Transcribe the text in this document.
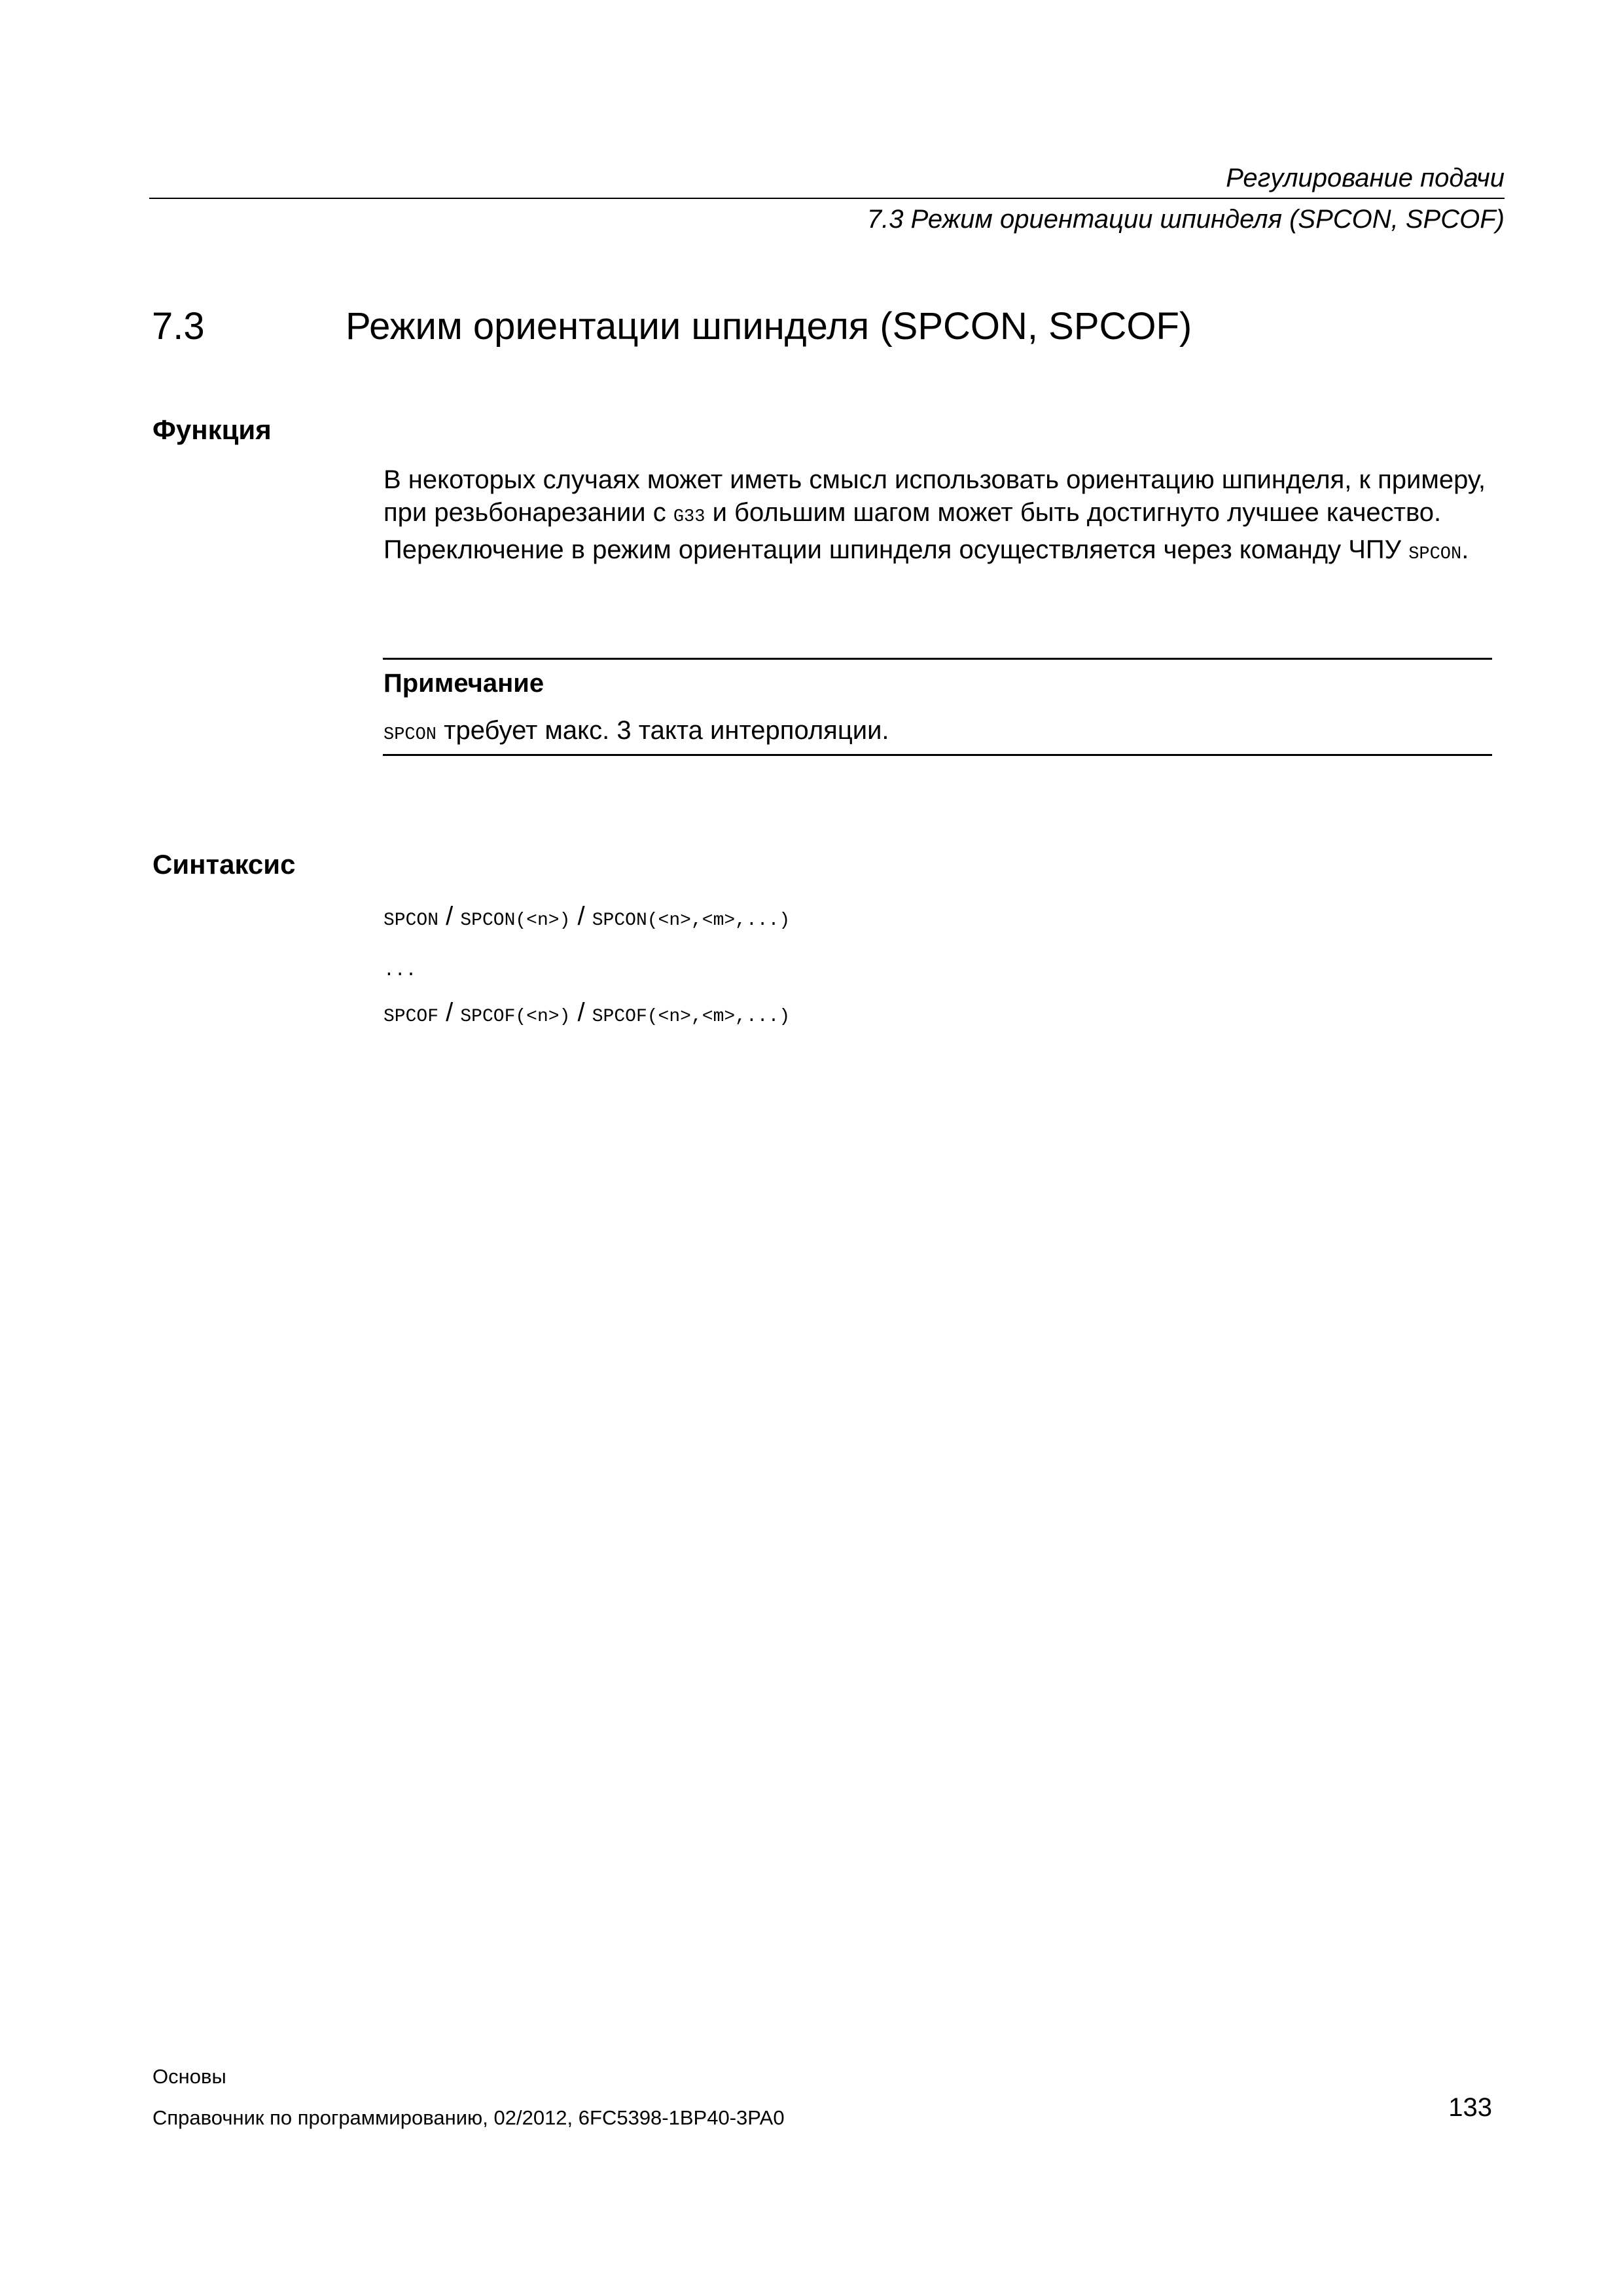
Регулирование подачи
7.3 Режим ориентации шпинделя (SPCON, SPCOF)
7.3	Режим ориентации шпинделя (SPCON, SPCOF)
Функция
В некоторых случаях может иметь смысл использовать ориентацию шпинделя, к примеру, при резьбонарезании с G33 и большим шагом может быть достигнуто лучшее качество.
Переключение в режим ориентации шпинделя осуществляется через команду ЧПУ SPCON.
Примечание
SPCON требует макс. 3 такта интерполяции.
Синтаксис
SPCON / SPCON(<n>) / SPCON(<n>,<m>,...)
...
SPCOF / SPCOF(<n>) / SPCOF(<n>,<m>,...)
Основы
Справочник по программированию, 02/2012, 6FC5398-1BP40-3PA0	133
